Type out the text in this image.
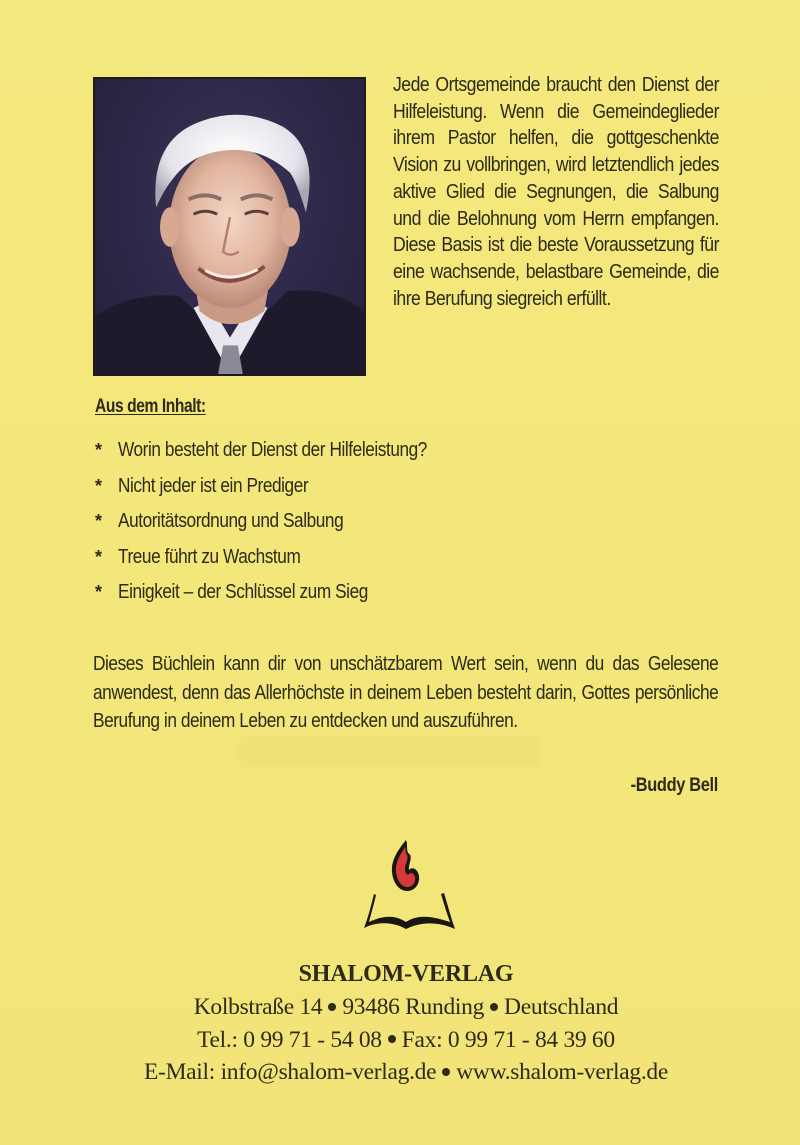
Jede Ortsgemeinde braucht den Dienst der Hilfeleistung. Wenn die Gemeindeglieder ihrem Pastor helfen, die gottgeschenkte Vision zu vollbringen, wird letztendlich jedes aktive Glied die Segnungen, die Salbung und die Belohnung vom Herrn empfangen. Diese Basis ist die beste Voraussetzung für eine wachsende, belastbare Gemeinde, die ihre Berufung siegreich erfüllt.
Aus dem Inhalt:
* Worin besteht der Dienst der Hilfeleistung?
* Nicht jeder ist ein Prediger
* Autoritätsordnung und Salbung
* Treue führt zu Wachstum
* Einigkeit – der Schlüssel zum Sieg
Dieses Büchlein kann dir von unschätzbarem Wert sein, wenn du das Gelesene anwendest, denn das Allerhöchste in deinem Leben besteht darin, Gottes persönliche Berufung in deinem Leben zu entdecken und auszuführen.
-Buddy Bell
SHALOM-VERLAG
Kolbstraße 14 93486 Runding Deutschland
Tel.: 0 99 71 - 54 08 Fax: 0 99 71 - 84 39 60
E-Mail: info@shalom-verlag.de www.shalom-verlag.de
